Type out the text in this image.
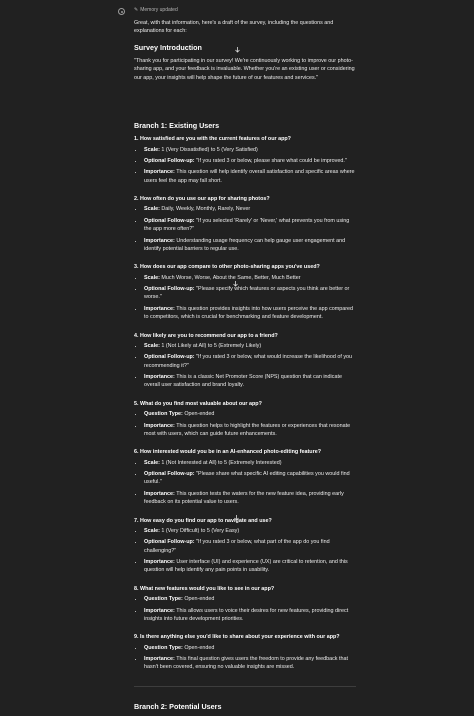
✎ Memory updated

Great, with that information, here's a draft of the survey, including the questions and explanations for each:

Survey Introduction

"Thank you for participating in our survey! We're continuously working to improve our photo-sharing app, and your feedback is invaluable. Whether you're an existing user or considering our app, your insights will help shape the future of our features and services."

Branch 1: Existing Users
1. How satisfied are you with the current features of our app?
• Scale: 1 (Very Dissatisfied) to 5 (Very Satisfied)
• Optional Follow-up: "If you rated 3 or below, please share what could be improved."
• Importance: This question will help identify overall satisfaction and specific areas where users feel the app may fall short.
2. How often do you use our app for sharing photos?
• Scale: Daily, Weekly, Monthly, Rarely, Never
• Optional Follow-up: "If you selected 'Rarely' or 'Never,' what prevents you from using the app more often?"
• Importance: Understanding usage frequency can help gauge user engagement and identify potential barriers to regular use.
3. How does our app compare to other photo-sharing apps you've used?
• Scale: Much Worse, Worse, About the Same, Better, Much Better
• Optional Follow-up: "Please specify which features or aspects you think are better or worse."
• Importance: This question provides insights into how users perceive the app compared to competitors, which is crucial for benchmarking and feature development.
4. How likely are you to recommend our app to a friend?
• Scale: 1 (Not Likely at All) to 5 (Extremely Likely)
• Optional Follow-up: "If you rated 3 or below, what would increase the likelihood of you recommending it?"
• Importance: This is a classic Net Promoter Score (NPS) question that can indicate overall user satisfaction and brand loyalty.
5. What do you find most valuable about our app?
• Question Type: Open-ended
• Importance: This question helps to highlight the features or experiences that resonate most with users, which can guide future enhancements.
6. How interested would you be in an AI-enhanced photo-editing feature?
• Scale: 1 (Not Interested at All) to 5 (Extremely Interested)
• Optional Follow-up: "Please share what specific AI editing capabilities you would find useful."
• Importance: This question tests the waters for the new feature idea, providing early feedback on its potential value to users.
7. How easy do you find our app to navigate and use?
• Scale: 1 (Very Difficult) to 5 (Very Easy)
• Optional Follow-up: "If you rated 3 or below, what part of the app do you find challenging?"
• Importance: User interface (UI) and experience (UX) are critical to retention, and this question will help identify any pain points in usability.
8. What new features would you like to see in our app?
• Question Type: Open-ended
• Importance: This allows users to voice their desires for new features, providing direct insights into future development priorities.
9. Is there anything else you'd like to share about your experience with our app?
• Question Type: Open-ended
• Importance: This final question gives users the freedom to provide any feedback that hasn't been covered, ensuring no valuable insights are missed.
Branch 2: Potential Users
